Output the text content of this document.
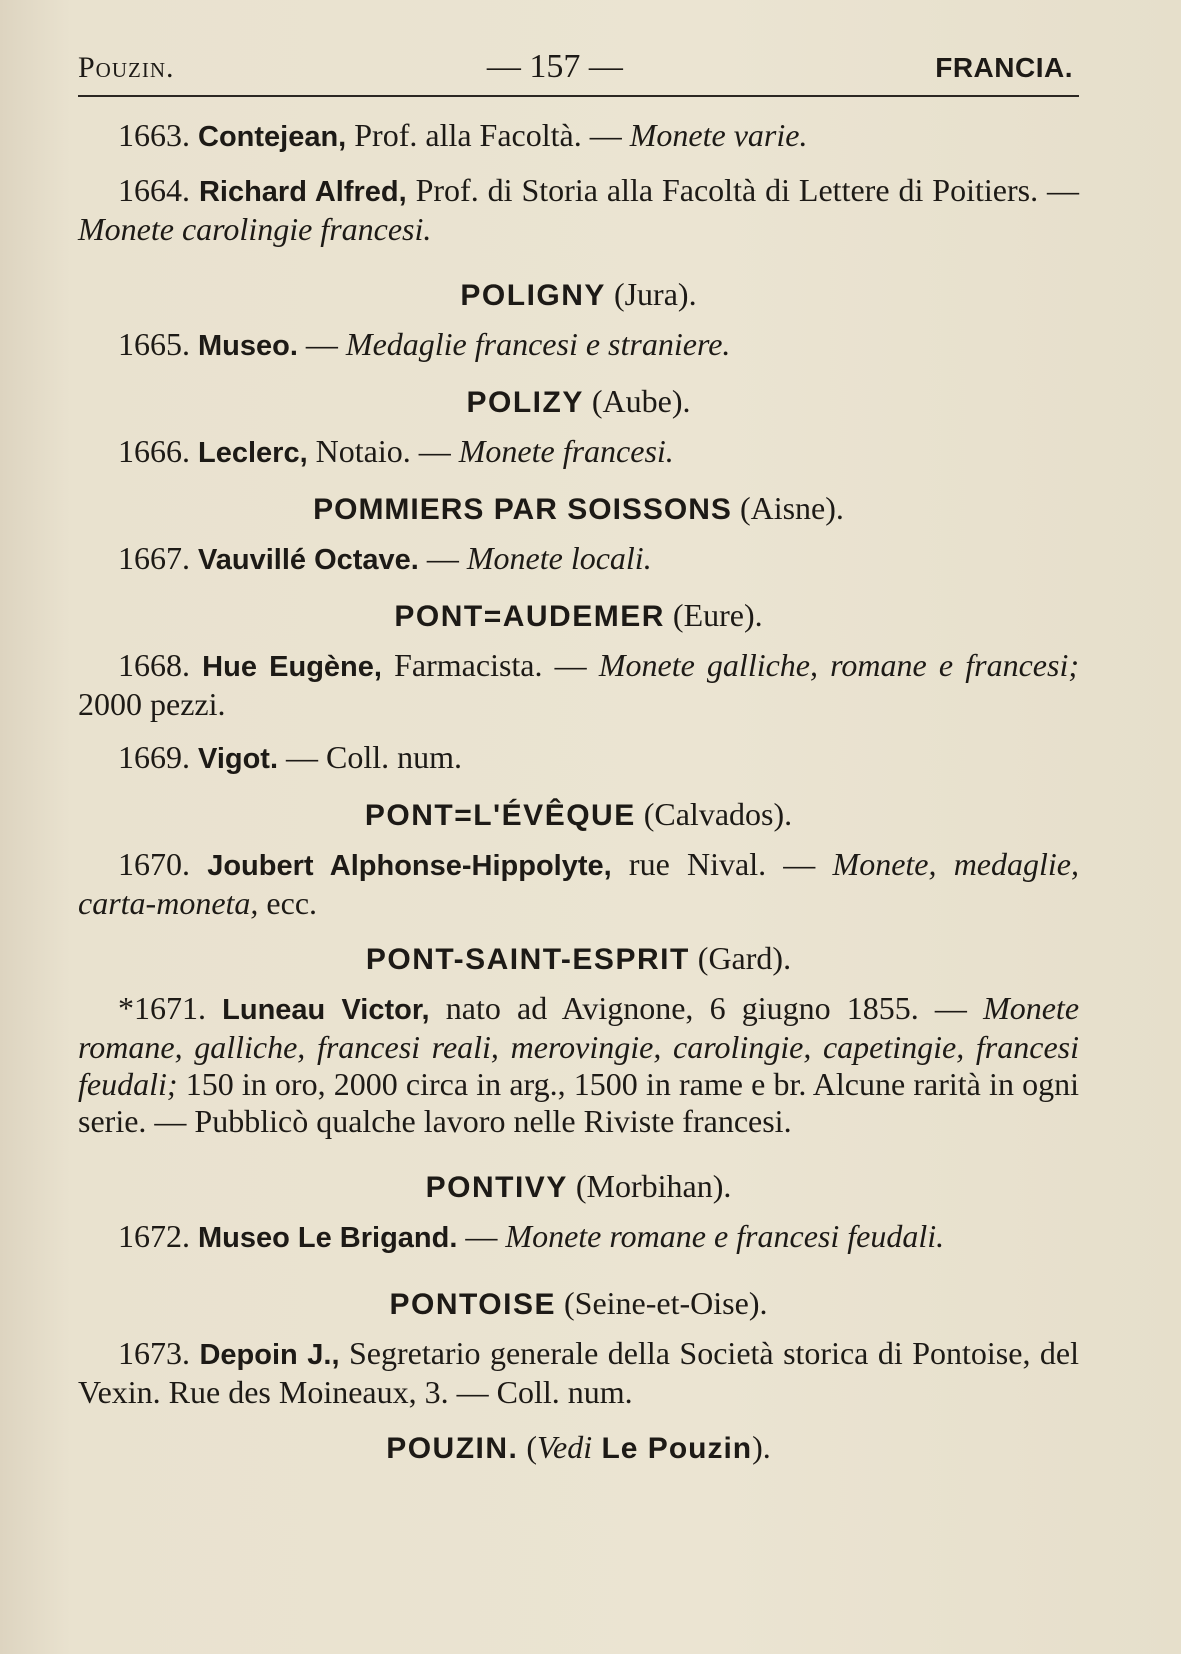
Pouzin.	— 157 —	FRANCIA.

1663. Contejean, Prof. alla Facoltà. — Monete varie.

1664. Richard Alfred, Prof. di Storia alla Facoltà di Lettere di Poitiers. — Monete carolingie francesi.

POLIGNY (Jura).

1665. Museo. — Medaglie francesi e straniere.

POLIZY (Aube).

1666. Leclerc, Notaio. — Monete francesi.

POMMIERS PAR SOISSONS (Aisne).

1667. Vauvillé Octave. — Monete locali.

PONT=AUDEMER (Eure).

1668. Hue Eugène, Farmacista. — Monete galliche, romane e francesi; 2000 pezzi.

1669. Vigot. — Coll. num.

PONT=L'ÉVÊQUE (Calvados).

1670. Joubert Alphonse-Hippolyte, rue Nival. — Monete, medaglie, carta-moneta, ecc.

PONT-SAINT-ESPRIT (Gard).

*1671. Luneau Victor, nato ad Avignone, 6 giugno 1855. — Monete romane, galliche, francesi reali, merovingie, carolingie, capetingie, francesi feudali; 150 in oro, 2000 circa in arg., 1500 in rame e br. Alcune rarità in ogni serie. — Pubblicò qualche lavoro nelle Riviste francesi.

PONTIVY (Morbihan).

1672. Museo Le Brigand. — Monete romane e francesi feudali.

PONTOISE (Seine-et-Oise).

1673. Depoin J., Segretario generale della Società storica di Pontoise, del Vexin. Rue des Moineaux, 3. — Coll. num.

POUZIN. (Vedi Le Pouzin).
